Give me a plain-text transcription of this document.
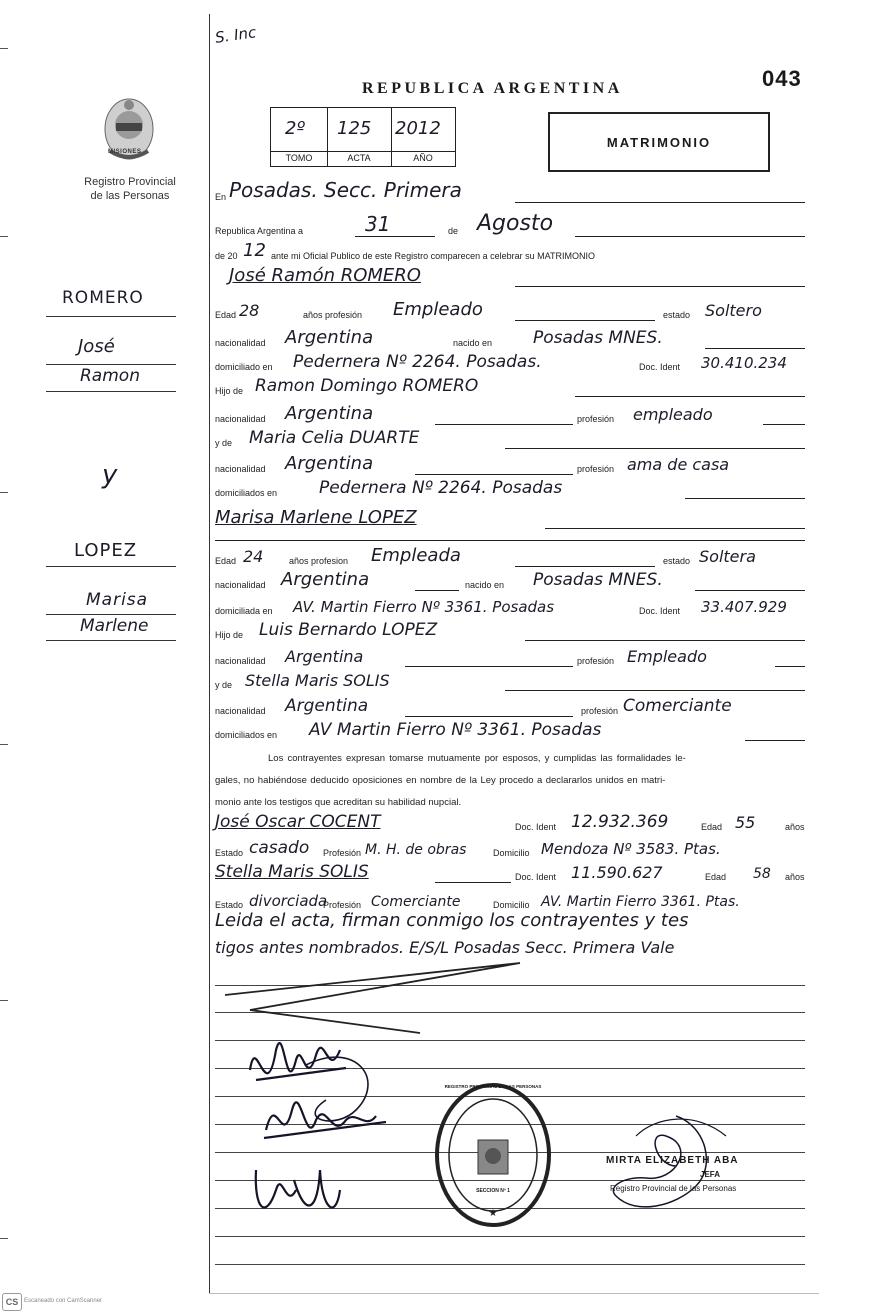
S. Inc
043
REPUBLICA ARGENTINA
MISIONES
Registro Provincial
de las Personas
2º 125 2012
TOMO	ACTA	AÑO
MATRIMONIO
En Posadas. Secc. Primera
Republica Argentina a	31	de Agosto
de 20 12 ante mi Oficial Publico de este Registro comparecen a celebrar su MATRIMONIO
José Ramón ROMERO
Edad 28	años profesión Empleado	estado Soltero
nacionalidad Argentina	nacido en Posadas MNES.
domiciliado en Pedernera Nº 2264. Posadas.	Doc. Ident 30.410.234
Hijo de Ramon Domingo ROMERO
nacionalidad Argentina	profesión empleado
y de Maria Celia DUARTE
nacionalidad Argentina	profesión ama de casa
domiciliados en Pedernera Nº 2264. Posadas
Marisa Marlene LOPEZ
Edad 24	años profesion Empleada	estado Soltera
nacionalidad Argentina	nacido en Posadas MNES.
domiciliada en AV. Martin Fierro Nº 3361. Posadas	Doc. Ident 33.407.929
Hijo de Luis Bernardo LOPEZ
nacionalidad Argentina	profesión Empleado
y de Stella Maris SOLIS
nacionalidad Argentina	profesión Comerciante
domiciliados en AV Martin Fierro Nº 3361. Posadas
Los contrayentes expresan tomarse mutuamente por esposos, y cumplidas las formalidades le-
gales, no habiéndose deducido oposiciones en nombre de la Ley procedo a declararlos unidos en matri-
monio ante los testigos que acreditan su habilidad nupcial.
José Oscar COCENT	Doc. Ident 12.932.369	Edad 55	años
Estado casado Profesión M. H. de obras	Domicilio Mendoza Nº 3583. Ptas.
Stella Maris SOLIS	Doc. Ident 11.590.627	Edad 58 años
Estado divorciada
Profesión Comerciante	Domicilio AV. Martin Fierro 3361. Ptas.
Leida el acta, firman conmigo los contrayentes y tes
tigos antes nombrados. E/S/L Posadas Secc. Primera Vale
★
REGISTRO PROVINCIAL DE LAS PERSONAS
SECCION Nº 1
MIRTA ELIZABETH ABA
JEFA
Registro Provincial de las Personas
ROMERO
José
Ramon
y
LOPEZ
Marisa
Marlene
CS Escaneado con CamScanner
